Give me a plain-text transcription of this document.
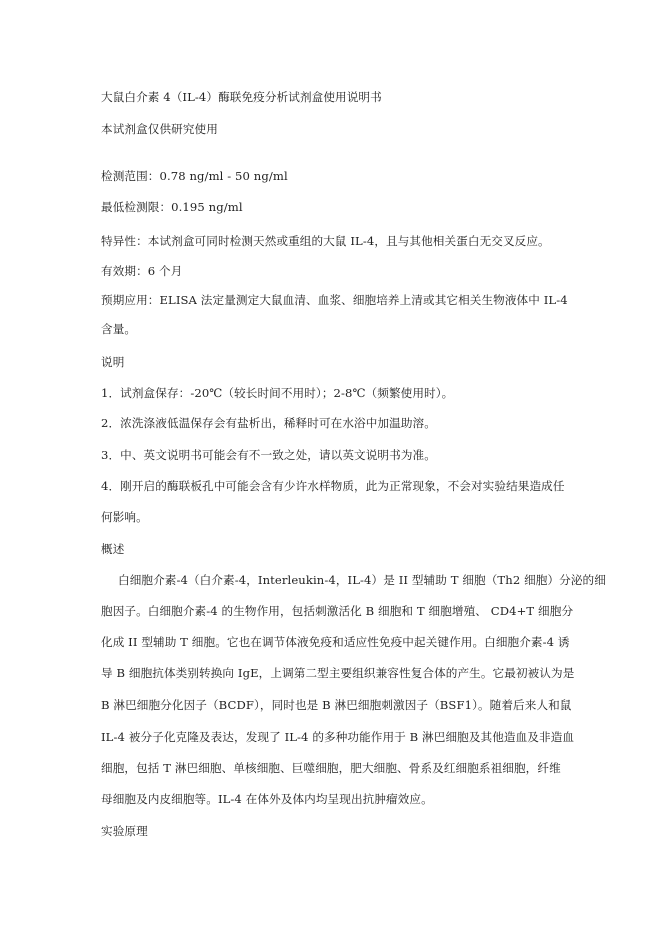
大鼠白介素 4（IL-4）酶联免疫分析试剂盒使用说明书
本试剂盒仅供研究使用
检测范围：0.78 ng/ml - 50 ng/ml
最低检测限：0.195 ng/ml
特异性：本试剂盒可同时检测天然或重组的大鼠 IL-4，且与其他相关蛋白无交叉反应。
有效期：6 个月
预期应用：ELISA 法定量测定大鼠血清、血浆、细胞培养上清或其它相关生物液体中 IL-4
含量。
说明
1．试剂盒保存：-20℃（较长时间不用时）；2-8℃（频繁使用时）。
2．浓洗涤液低温保存会有盐析出，稀释时可在水浴中加温助溶。
3．中、英文说明书可能会有不一致之处，请以英文说明书为准。
4．刚开启的酶联板孔中可能会含有少许水样物质，此为正常现象，不会对实验结果造成任
何影响。
概述
白细胞介素-4（白介素-4，Interleukin-4，IL-4）是 II 型辅助 T 细胞（Th2 细胞）分泌的细
胞因子。白细胞介素-4 的生物作用，包括刺激活化 B 细胞和 T 细胞增殖、 CD4+T 细胞分
化成 II 型辅助 T 细胞。它也在调节体液免疫和适应性免疫中起关键作用。白细胞介素-4 诱
导 B 细胞抗体类别转换向 IgE，上调第二型主要组织兼容性复合体的产生。它最初被认为是
B 淋巴细胞分化因子（BCDF），同时也是 B 淋巴细胞刺激因子（BSF1）。随着后来人和鼠
IL-4 被分子化克隆及表达，发现了 IL-4 的多种功能作用于 B 淋巴细胞及其他造血及非造血
细胞，包括 T 淋巴细胞、单核细胞、巨噬细胞，肥大细胞、骨系及红细胞系祖细胞，纤维
母细胞及内皮细胞等。IL-4 在体外及体内均呈现出抗肿瘤效应。
实验原理
